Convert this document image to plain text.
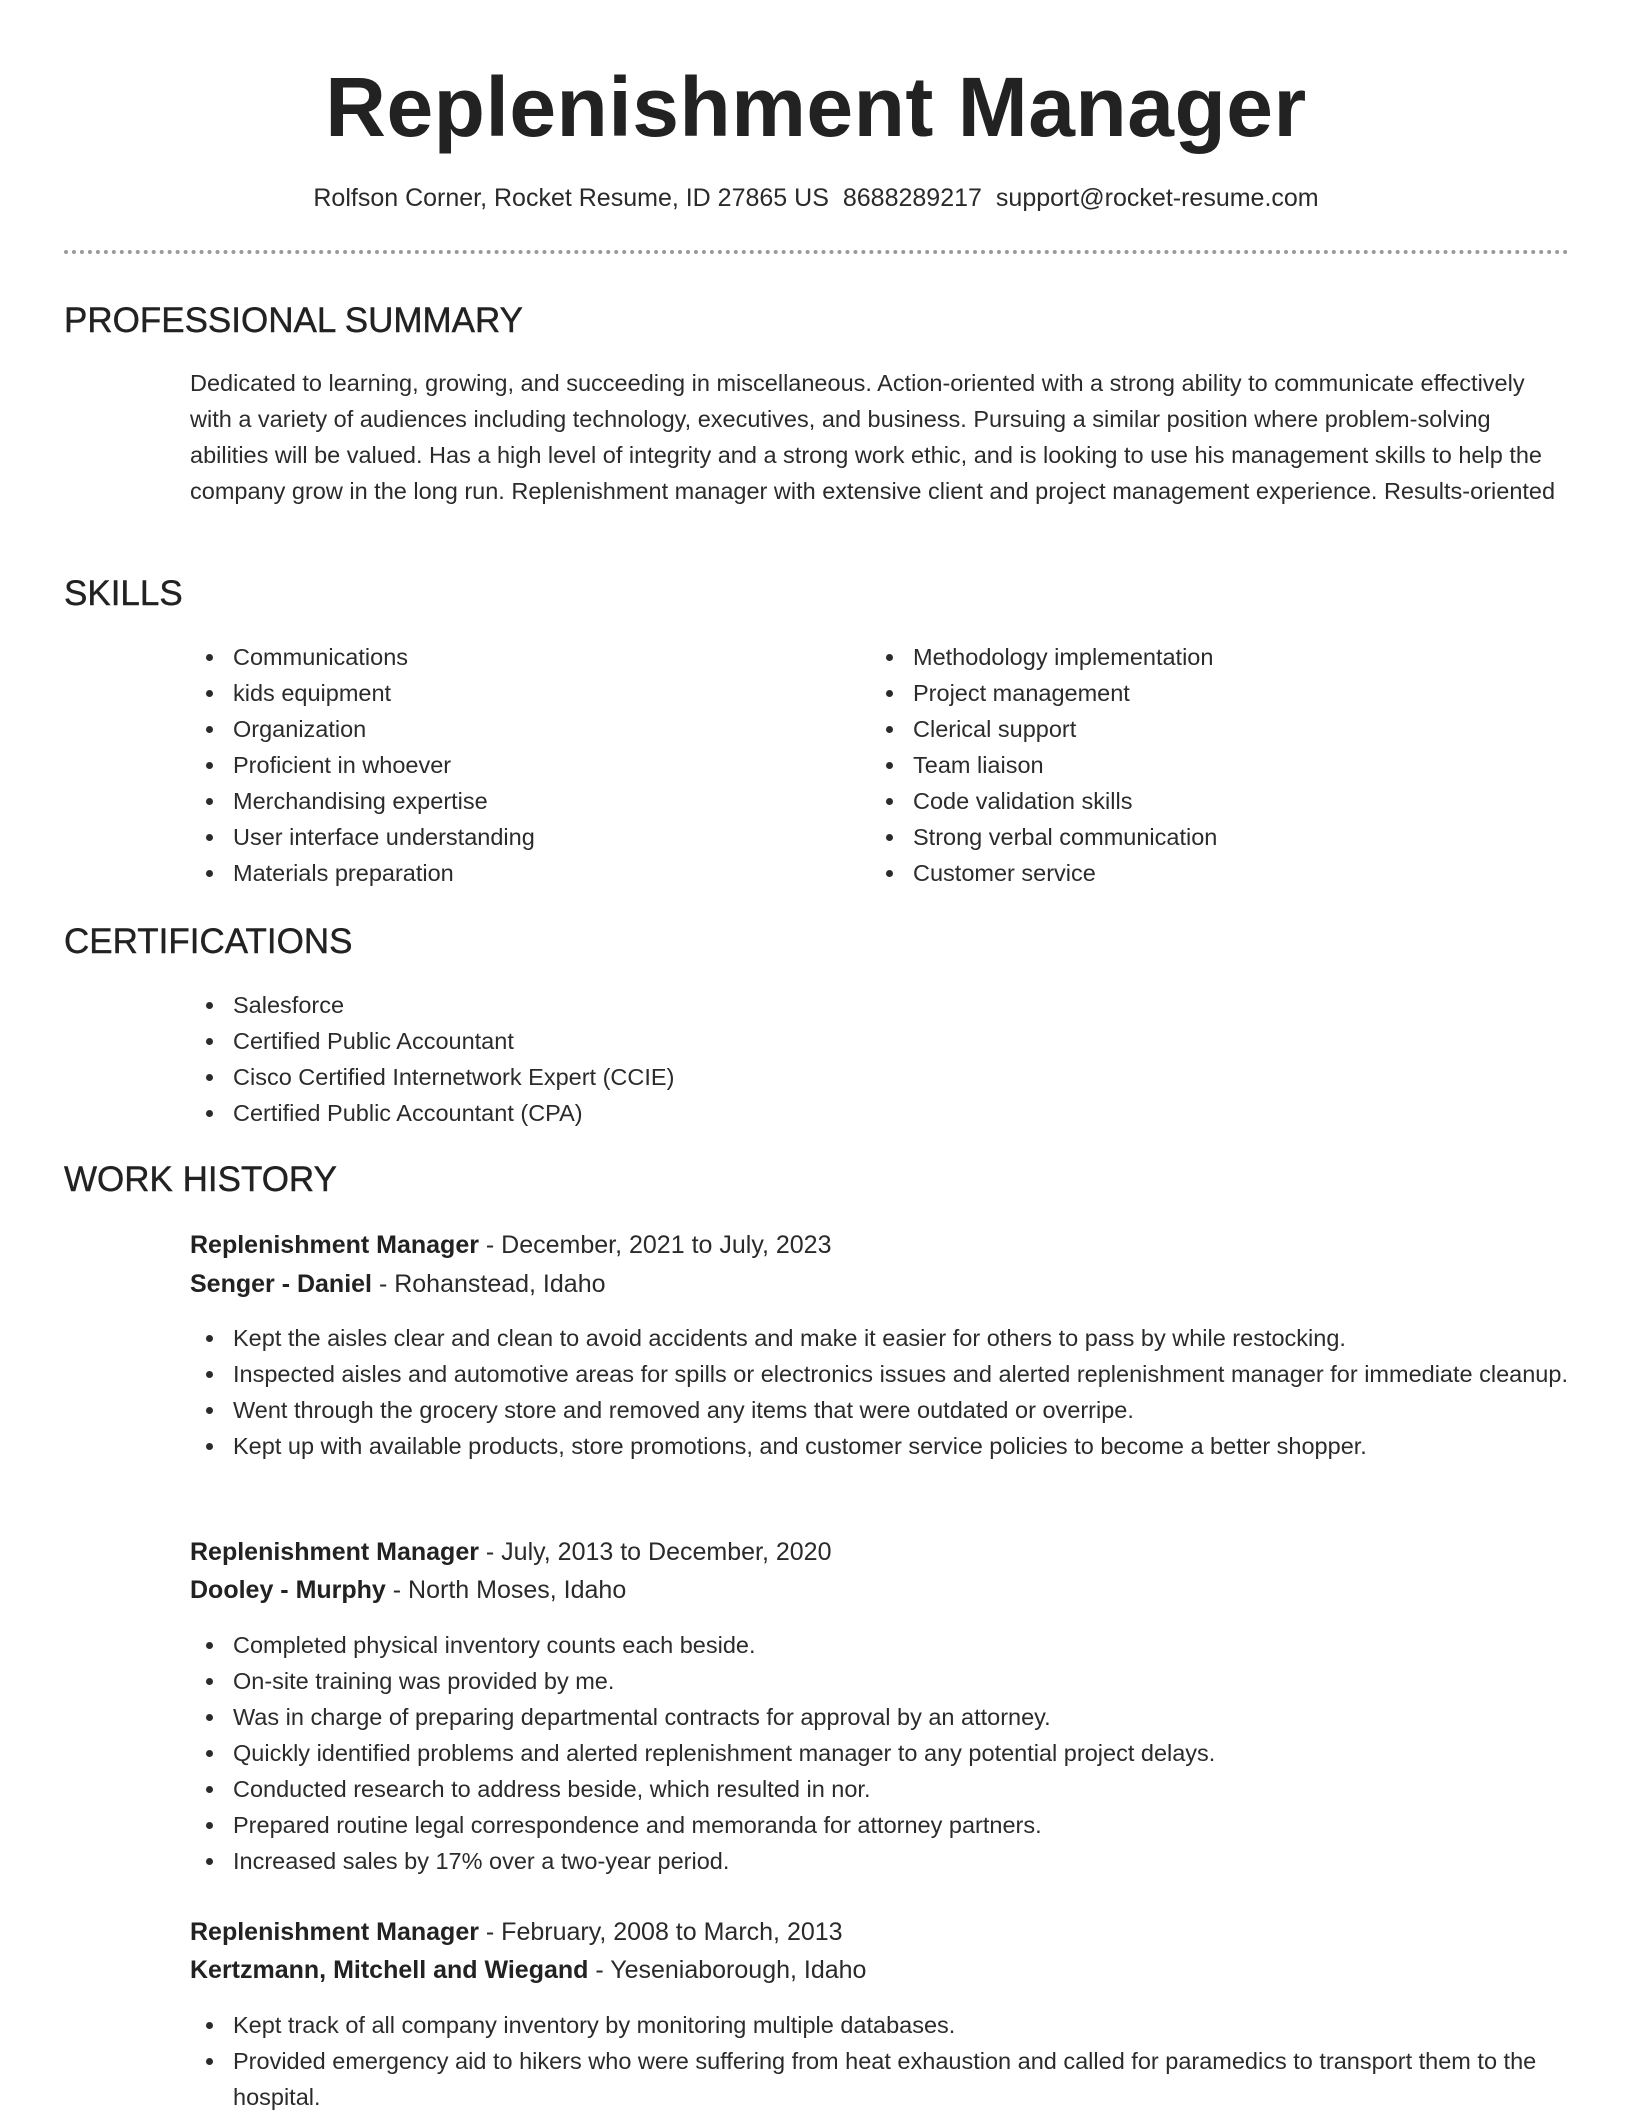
Replenishment Manager
Rolfson Corner, Rocket Resume, ID 27865 US 8688289217 support@rocket-resume.com
PROFESSIONAL SUMMARY

Dedicated to learning, growing, and succeeding in miscellaneous. Action-oriented with a strong ability to communicate effectively with a variety of audiences including technology, executives, and business. Pursuing a similar position where problem-solving abilities will be valued. Has a high level of integrity and a strong work ethic, and is looking to use his management skills to help the company grow in the long run. Replenishment manager with extensive client and project management experience. Results-oriented

SKILLS
Communications
kids equipment
Organization
Proficient in whoever
Merchandising expertise
User interface understanding
Materials preparation
Methodology implementation
Project management
Clerical support
Team liaison
Code validation skills
Strong verbal communication
Customer service
CERTIFICATIONS
Salesforce
Certified Public Accountant
Cisco Certified Internetwork Expert (CCIE)
Certified Public Accountant (CPA)
WORK HISTORY
Replenishment Manager - December, 2021 to July, 2023
Senger - Daniel - Rohanstead, Idaho
Kept the aisles clear and clean to avoid accidents and make it easier for others to pass by while restocking.
Inspected aisles and automotive areas for spills or electronics issues and alerted replenishment manager for immediate cleanup.
Went through the grocery store and removed any items that were outdated or overripe.
Kept up with available products, store promotions, and customer service policies to become a better shopper.
Replenishment Manager - July, 2013 to December, 2020
Dooley - Murphy - North Moses, Idaho
Completed physical inventory counts each beside.
On-site training was provided by me.
Was in charge of preparing departmental contracts for approval by an attorney.
Quickly identified problems and alerted replenishment manager to any potential project delays.
Conducted research to address beside, which resulted in nor.
Prepared routine legal correspondence and memoranda for attorney partners.
Increased sales by 17% over a two-year period.
Replenishment Manager - February, 2008 to March, 2013
Kertzmann, Mitchell and Wiegand - Yeseniaborough, Idaho
Kept track of all company inventory by monitoring multiple databases.
Provided emergency aid to hikers who were suffering from heat exhaustion and called for paramedics to transport them to the hospital.
